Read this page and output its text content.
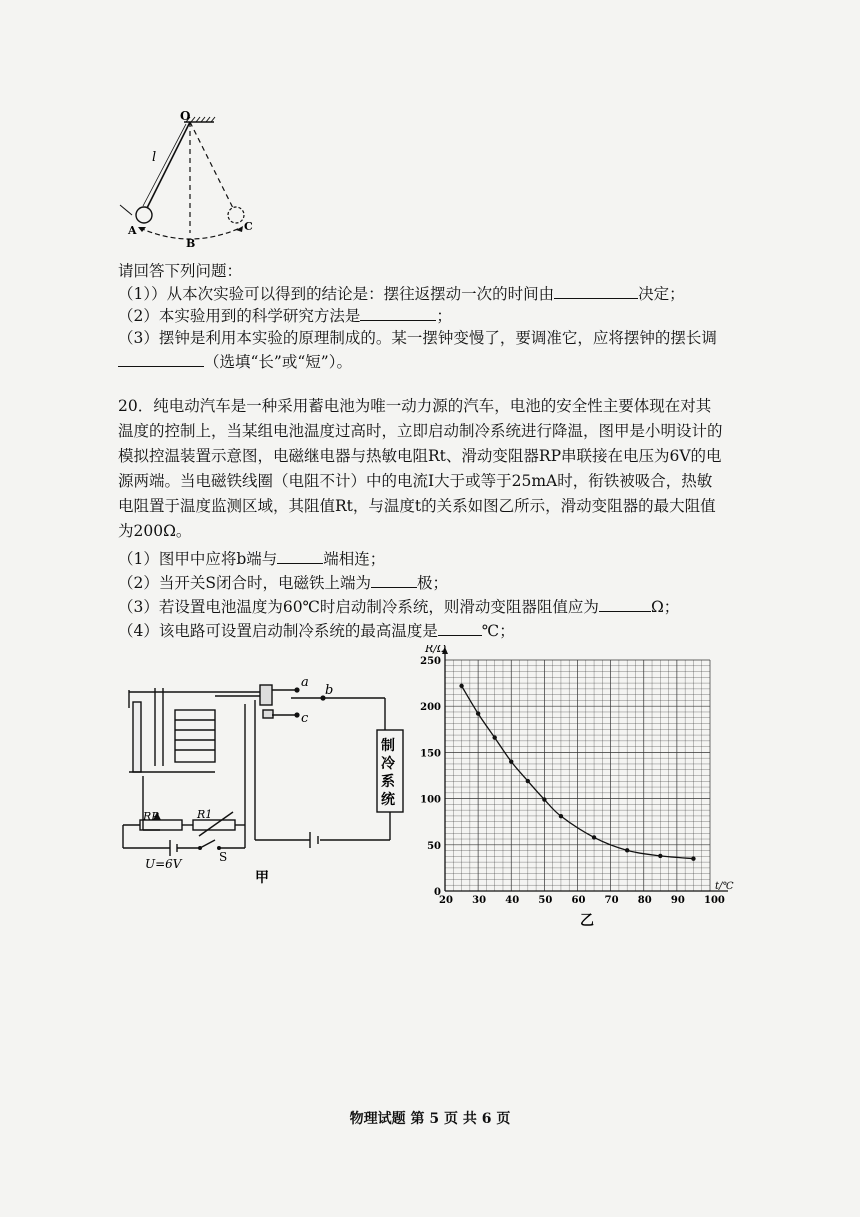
O
l
A
B
C
请回答下列问题：
（1））从本次实验可以得到的结论是：摆往返摆动一次的时间由	决定；
（2）本实验用到的科学研究方法是	；
（3）摆钟是利用本实验的原理制成的。某一摆钟变慢了，要调准它，应将摆钟的摆长调
（选填“长”或“短”）。
20．纯电动汽车是一种采用蓄电池为唯一动力源的汽车，电池的安全性主要体现在对其
温度的控制上，当某组电池温度过高时，立即启动制冷系统进行降温，图甲是小明设计的
模拟控温装置示意图，电磁继电器与热敏电阻Rt、滑动变阻器RP串联接在电压为6V的电
源两端。当电磁铁线圈（电阻不计）中的电流I大于或等于25mA时，衔铁被吸合，热敏
电阻置于温度监测区域，其阻值Rt，与温度t的关系如图乙所示，滑动变阻器的最大阻值
为200Ω。
（1）图甲中应将b端与	端相连；
（2）当开关S闭合时，电磁铁上端为	极；
（3）若设置电池温度为60℃时启动制冷系统，则滑动变阻器阻值应为	Ω；
（4）该电路可设置启动制冷系统的最高温度是	℃；
a
b
c
制
冷
系
统
RP	R1
U=6V	S
甲
20 30 40 50 60 70 80 90 100
0
50
100
150
200
250
R/Ω
t/℃
乙
物理试题 第 5 页 共 6 页
